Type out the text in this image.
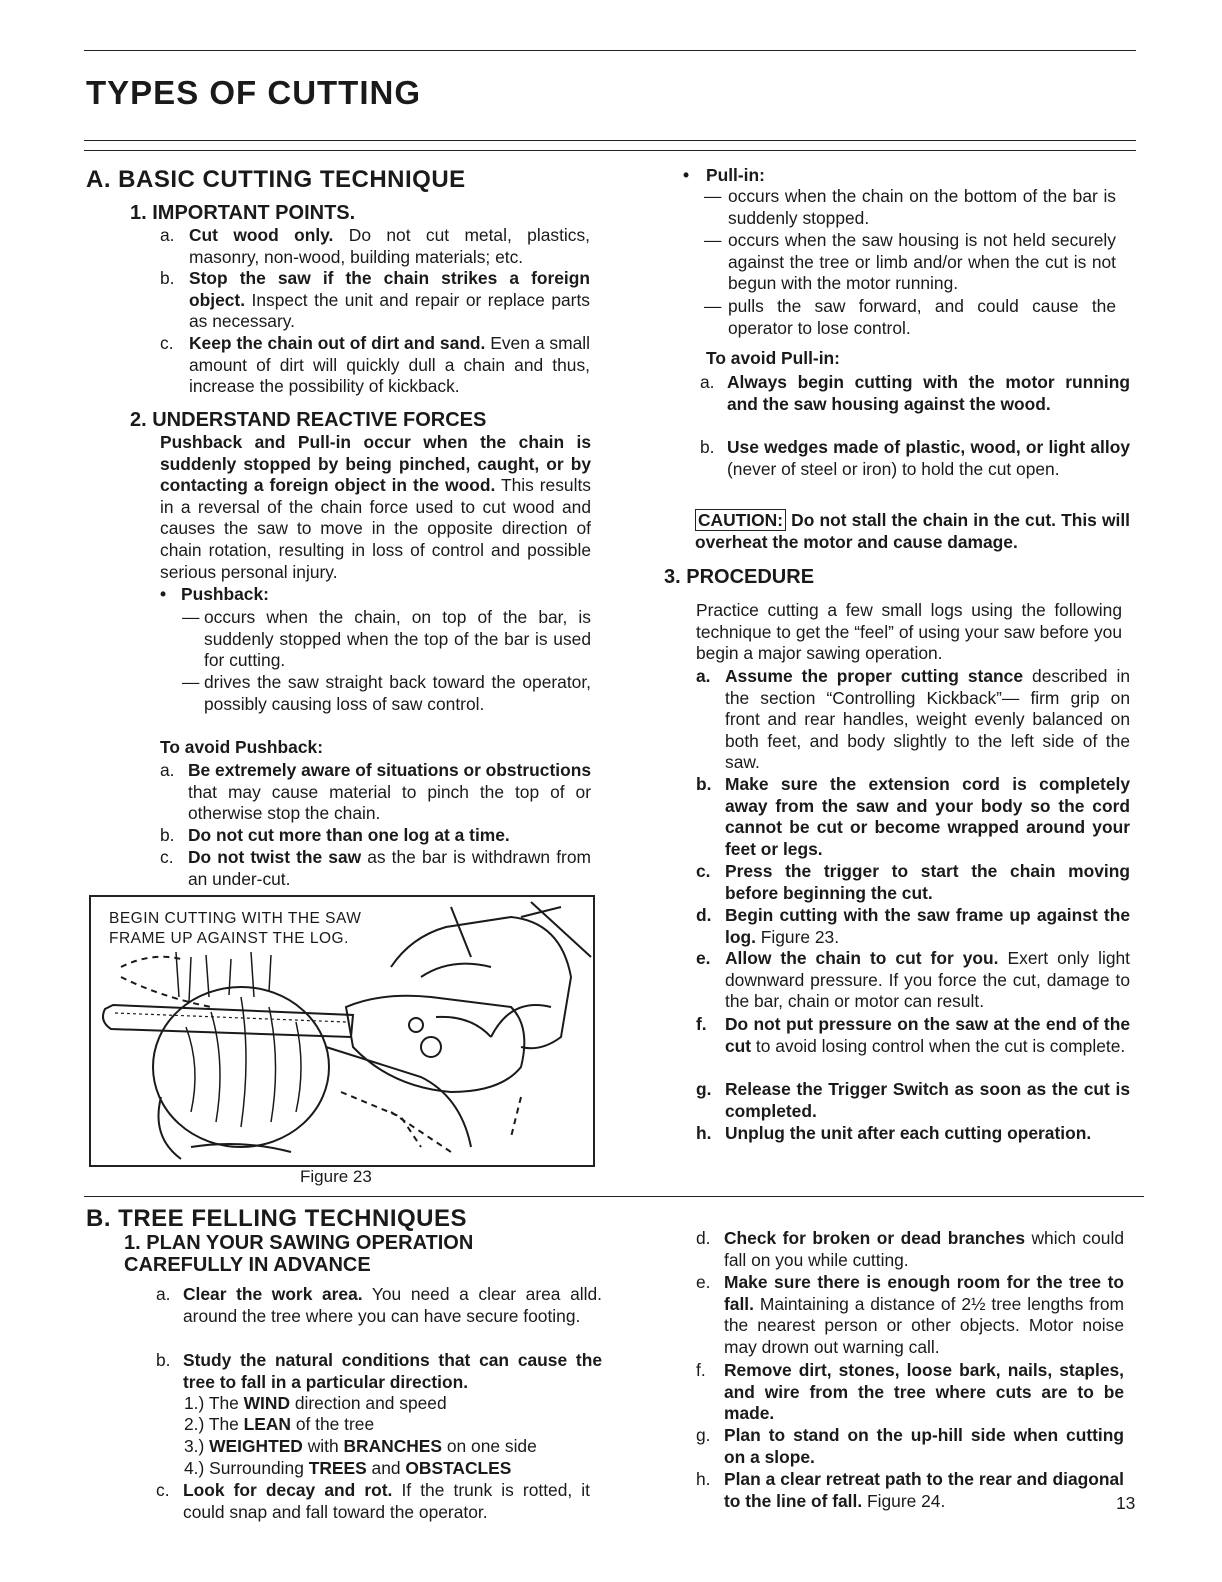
TYPES OF CUTTING
A. BASIC CUTTING TECHNIQUE
1. IMPORTANT POINTS.
a. Cut wood only. Do not cut metal, plastics, masonry, non-wood, building materials; etc.
b. Stop the saw if the chain strikes a foreign object. Inspect the unit and repair or replace parts as necessary.
c. Keep the chain out of dirt and sand. Even a small amount of dirt will quickly dull a chain and thus, increase the possibility of kickback.
2. UNDERSTAND REACTIVE FORCES
Pushback and Pull-in occur when the chain is suddenly stopped by being pinched, caught, or by contacting a foreign object in the wood. This results in a reversal of the chain force used to cut wood and causes the saw to move in the opposite direction of chain rotation, resulting in loss of control and possible serious personal injury.
• Pushback:
— occurs when the chain, on top of the bar, is suddenly stopped when the top of the bar is used for cutting.
— drives the saw straight back toward the operator, possibly causing loss of saw control.
To avoid Pushback:
a. Be extremely aware of situations or obstructions that may cause material to pinch the top of or otherwise stop the chain.
b. Do not cut more than one log at a time.
c. Do not twist the saw as the bar is withdrawn from an under-cut.
BEGIN CUTTING WITH THE SAW FRAME UP AGAINST THE LOG.
Figure 23
• Pull-in:
— occurs when the chain on the bottom of the bar is suddenly stopped.
— occurs when the saw housing is not held securely against the tree or limb and/or when the cut is not begun with the motor running.
— pulls the saw forward, and could cause the operator to lose control.
To avoid Pull-in:
a. Always begin cutting with the motor running and the saw housing against the wood.
b. Use wedges made of plastic, wood, or light alloy (never of steel or iron) to hold the cut open.
CAUTION: Do not stall the chain in the cut. This will overheat the motor and cause damage.
3. PROCEDURE
Practice cutting a few small logs using the following technique to get the “feel” of using your saw before you begin a major sawing operation.
a. Assume the proper cutting stance described in the section “Controlling Kickback”— firm grip on front and rear handles, weight evenly balanced on both feet, and body slightly to the left side of the saw.
b. Make sure the extension cord is completely away from the saw and your body so the cord cannot be cut or become wrapped around your feet or legs.
c. Press the trigger to start the chain moving before beginning the cut.
d. Begin cutting with the saw frame up against the log. Figure 23.
e. Allow the chain to cut for you. Exert only light downward pressure. If you force the cut, damage to the bar, chain or motor can result.
f.	Do not put pressure on the saw at the end of the cut to avoid losing control when the cut is complete.
g. Release the Trigger Switch as soon as the cut is completed.
h. Unplug the unit after each cutting operation.
B. TREE FELLING TECHNIQUES
1. PLAN YOUR SAWING OPERATION CAREFULLY IN ADVANCE
a. Clear the work area. You need a clear area alld. around the tree where you can have secure footing.
b. Study the natural conditions that can cause the tree to fall in a particular direction.
1.) The WIND direction and speed
2.) The LEAN of the tree
3.) WEIGHTED with BRANCHES on one side
4.) Surrounding TREES and OBSTACLES
c. Look for decay and rot. If the trunk is rotted, it could snap and fall toward the operator.
d. Check for broken or dead branches which could fall on you while cutting.
e. Make sure there is enough room for the tree to fall. Maintaining a distance of 2½ tree lengths from the nearest person or other objects. Motor noise may drown out warning call.
f.	Remove dirt, stones, loose bark, nails, staples, and wire from the tree where cuts are to be made.
g. Plan to stand on the up-hill side when cutting on a slope.
h. Plan a clear retreat path to the rear and diagonal to the line of fall. Figure 24.	13
